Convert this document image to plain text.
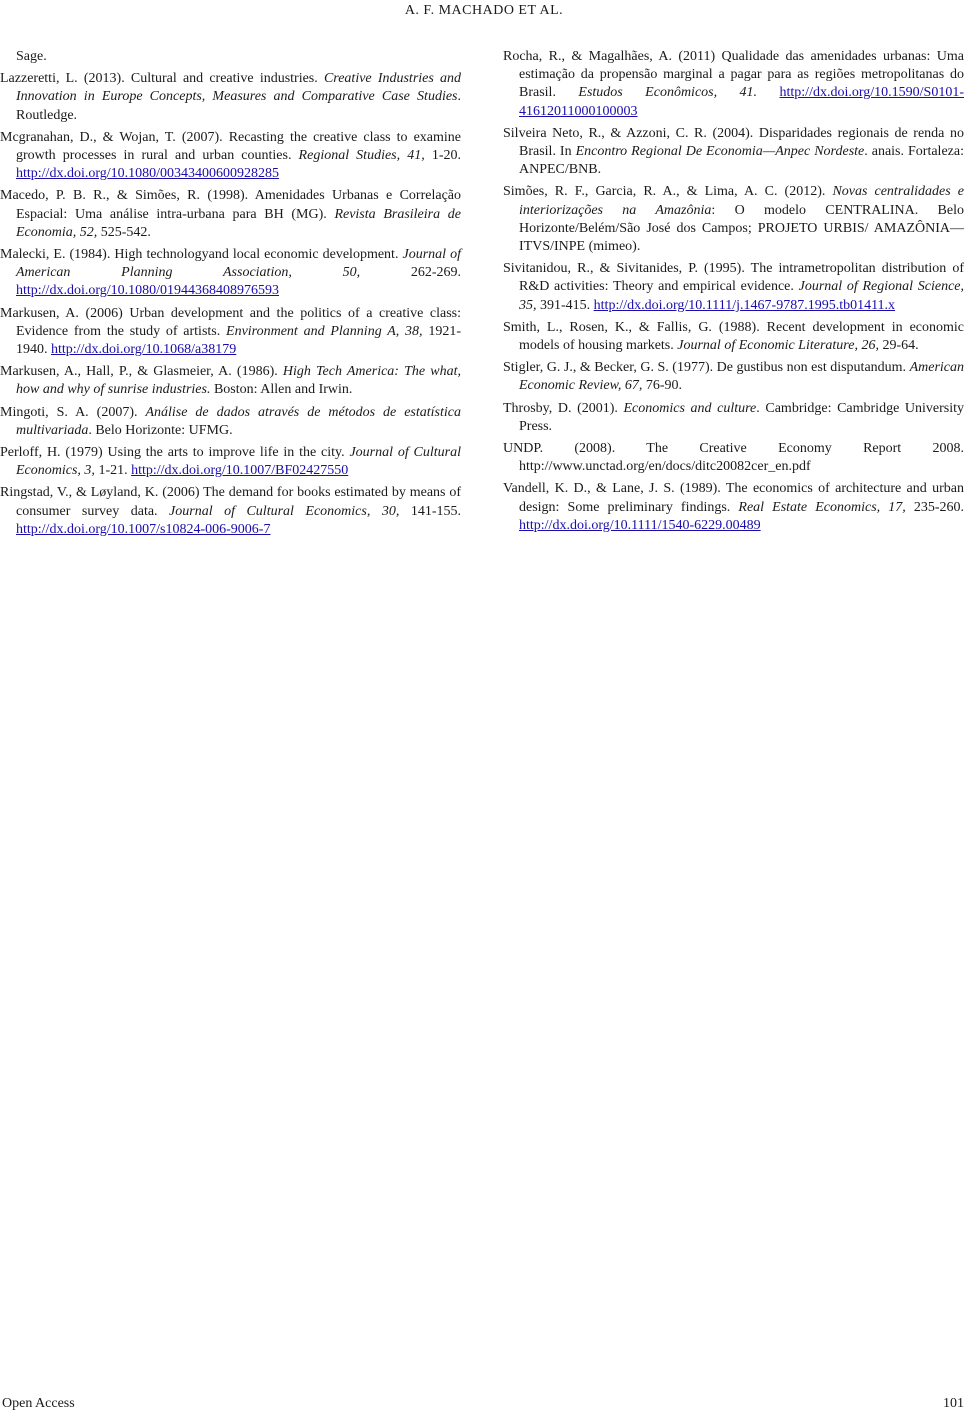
A. F. MACHADO ET AL.

Sage.

Lazzeretti, L. (2013). Cultural and creative industries. Creative Industries and Innovation in Europe Concepts, Measures and Comparative Case Studies. Routledge.

Mcgranahan, D., & Wojan, T. (2007). Recasting the creative class to examine growth processes in rural and urban counties. Regional Studies, 41, 1-20. http://dx.doi.org/10.1080/00343400600928285

Macedo, P. B. R., & Simões, R. (1998). Amenidades Urbanas e Correlação Espacial: Uma análise intra-urbana para BH (MG). Revista Brasileira de Economia, 52, 525-542.

Malecki, E. (1984). High technologyand local economic development. Journal of American Planning Association, 50, 262-269. http://dx.doi.org/10.1080/01944368408976593

Markusen, A. (2006) Urban development and the politics of a creative class: Evidence from the study of artists. Environment and Planning A, 38, 1921-1940. http://dx.doi.org/10.1068/a38179

Markusen, A., Hall, P., & Glasmeier, A. (1986). High Tech America: The what, how and why of sunrise industries. Boston: Allen and Irwin.

Mingoti, S. A. (2007). Análise de dados através de métodos de estatística multivariada. Belo Horizonte: UFMG.

Perloff, H. (1979) Using the arts to improve life in the city. Journal of Cultural Economics, 3, 1-21. http://dx.doi.org/10.1007/BF02427550

Ringstad, V., & Løyland, K. (2006) The demand for books estimated by means of consumer survey data. Journal of Cultural Economics, 30, 141-155. http://dx.doi.org/10.1007/s10824-006-9006-7

Rocha, R., & Magalhães, A. (2011) Qualidade das amenidades urbanas: Uma estimação da propensão marginal a pagar para as regiões metropolitanas do Brasil. Estudos Econômicos, 41. http://dx.doi.org/10.1590/S0101-41612011000100003

Silveira Neto, R., & Azzoni, C. R. (2004). Disparidades regionais de renda no Brasil. In Encontro Regional De Economia—Anpec Nordeste. anais. Fortaleza: ANPEC/BNB.

Simões, R. F., Garcia, R. A., & Lima, A. C. (2012). Novas centralidades e interiorizações na Amazônia: O modelo CENTRALINA. Belo Horizonte/Belém/São José dos Campos; PROJETO URBIS/ AMAZÔNIA—ITVS/INPE (mimeo).

Sivitanidou, R., & Sivitanides, P. (1995). The intrametropolitan distribution of R&D activities: Theory and empirical evidence. Journal of Regional Science, 35, 391-415. http://dx.doi.org/10.1111/j.1467-9787.1995.tb01411.x

Smith, L., Rosen, K., & Fallis, G. (1988). Recent development in economic models of housing markets. Journal of Economic Literature, 26, 29-64.

Stigler, G. J., & Becker, G. S. (1977). De gustibus non est disputandum. American Economic Review, 67, 76-90.

Throsby, D. (2001). Economics and culture. Cambridge: Cambridge University Press.

UNDP. (2008). The Creative Economy Report 2008. http://www.unctad.org/en/docs/ditc20082cer_en.pdf

Vandell, K. D., & Lane, J. S. (1989). The economics of architecture and urban design: Some preliminary findings. Real Estate Economics, 17, 235-260. http://dx.doi.org/10.1111/1540-6229.00489

Open Access	101
